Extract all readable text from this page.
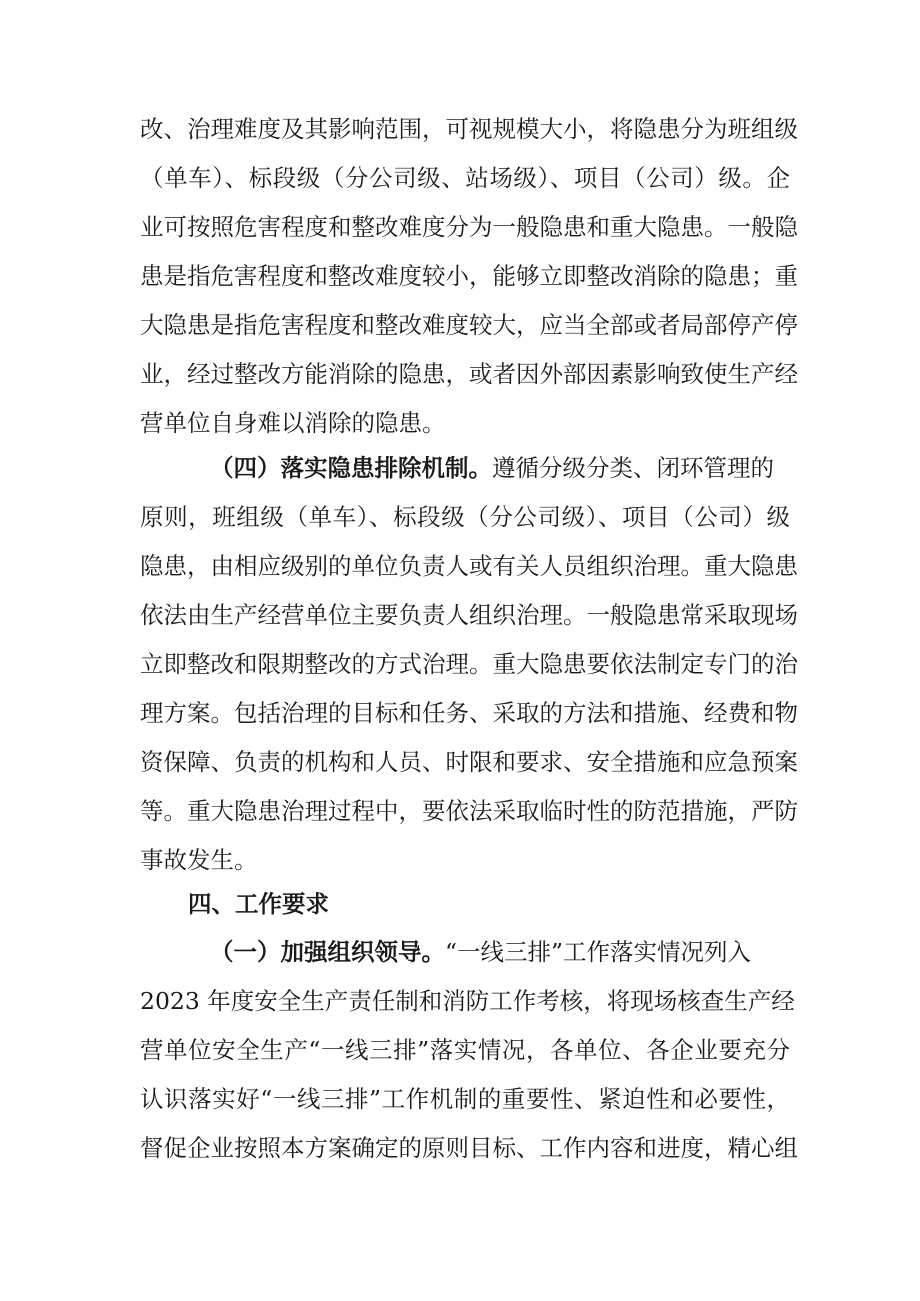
改、治理难度及其影响范围，可视规模大小，将隐患分为班组级
（单车）、标段级（分公司级、站场级）、项目（公司）级。企
业可按照危害程度和整改难度分为一般隐患和重大隐患。一般隐
患是指危害程度和整改难度较小，能够立即整改消除的隐患；重
大隐患是指危害程度和整改难度较大，应当全部或者局部停产停
业，经过整改方能消除的隐患，或者因外部因素影响致使生产经
营单位自身难以消除的隐患。
（四）落实隐患排除机制。遵循分级分类、闭环管理的
原则，班组级（单车）、标段级（分公司级）、项目（公司）级
隐患，由相应级别的单位负责人或有关人员组织治理。重大隐患
依法由生产经营单位主要负责人组织治理。一般隐患常采取现场
立即整改和限期整改的方式治理。重大隐患要依法制定专门的治
理方案。包括治理的目标和任务、采取的方法和措施、经费和物
资保障、负责的机构和人员、时限和要求、安全措施和应急预案
等。重大隐患治理过程中，要依法采取临时性的防范措施，严防
事故发生。
四、工作要求
（一）加强组织领导。“一线三排”工作落实情况列入
2023 年度安全生产责任制和消防工作考核，将现场核查生产经
营单位安全生产“一线三排”落实情况，各单位、各企业要充分
认识落实好“一线三排”工作机制的重要性、紧迫性和必要性，
督促企业按照本方案确定的原则目标、工作内容和进度，精心组
